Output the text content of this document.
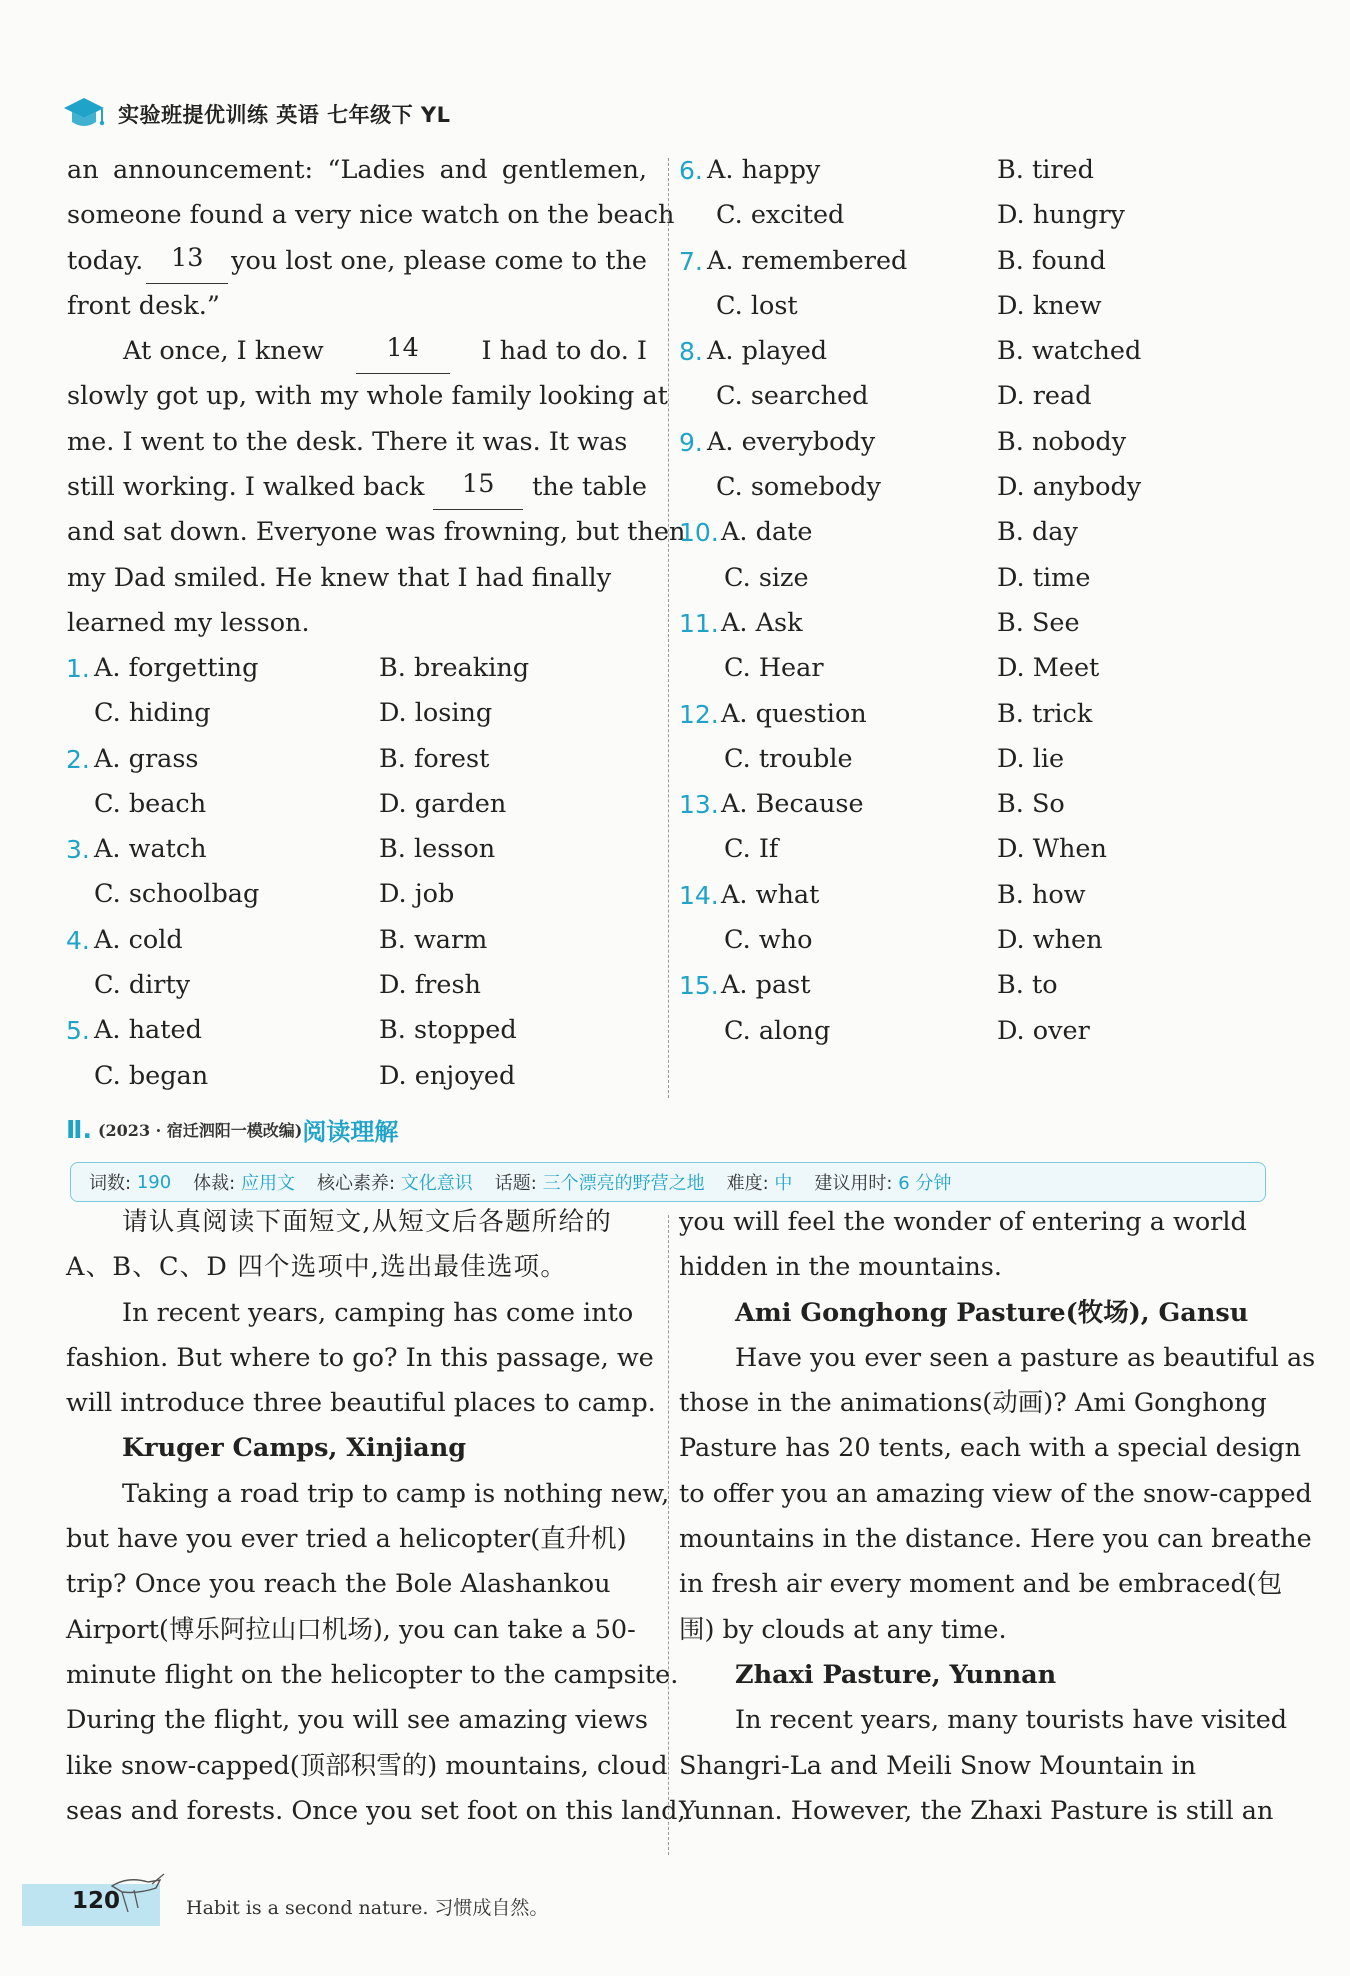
实验班提优训练 英语 七年级下 YL
an announcement: “Ladies and gentlemen,
someone found a very nice watch on the beach
today.	13	you lost one, please come to the
front desk.”
At once, I knew	14	I had to do. I
slowly got up, with my whole family looking at
me. I went to the desk. There it was. It was
still working. I walked back	15	the table
and sat down. Everyone was frowning, but then
my Dad smiled. He knew that I had finally
learned my lesson.
1. A. forgetting	B. breaking
C. hiding	D. losing
2. A. grass	B. forest
C. beach	D. garden
3. A. watch	B. lesson
C. schoolbag	D. job
4. A. cold	B. warm
C. dirty	D. fresh
5. A. hated	B. stopped
C. began	D. enjoyed
6. A. happy	B. tired
C. excited	D. hungry
7. A. remembered	B. found
C. lost	D. knew
8. A. played	B. watched
C. searched	D. read
9. A. everybody	B. nobody
C. somebody	D. anybody
10. A. date	B. day
C. size	D. time
11. A. Ask	B. See
C. Hear	D. Meet
12. A. question	B. trick
C. trouble	D. lie
13. A. Because	B. So
C. If	D. When
14. A. what	B. how
C. who	D. when
15. A. past	B. to
C. along	D. over
Ⅱ. (2023 · 宿迁泗阳一模改编) 阅读理解
词数:
190 体裁:
应用文 核心素养:
文化意识 话题:
三个漂亮的野营之地 难度:
中 建议用时:
6 分钟
请认真阅读下面短文,从短文后各题所给的
A、B、C、D 四个选项中,选出最佳选项。
In recent years, camping has come into
fashion. But where to go? In this passage, we
will introduce three beautiful places to camp.
Kruger Camps, Xinjiang
Taking a road trip to camp is nothing new,
but have you ever tried a helicopter(直升机)
trip? Once you reach the Bole Alashankou
Airport(博乐阿拉山口机场), you can take a 50-
minute flight on the helicopter to the campsite.
During the flight, you will see amazing views
like snow-capped(顶部积雪的) mountains, cloud
seas and forests. Once you set foot on this land,
you will feel the wonder of entering a world
hidden in the mountains.
Ami Gonghong Pasture(牧场), Gansu
Have you ever seen a pasture as beautiful as
those in the animations(动画)? Ami Gonghong
Pasture has 20 tents, each with a special design
to offer you an amazing view of the snow-capped
mountains in the distance. Here you can breathe
in fresh air every moment and be embraced(包
围) by clouds at any time.
Zhaxi Pasture, Yunnan
In recent years, many tourists have visited
Shangri-La and Meili Snow Mountain in
Yunnan. However, the Zhaxi Pasture is still an
120	Habit is a second nature. 习惯成自然。
